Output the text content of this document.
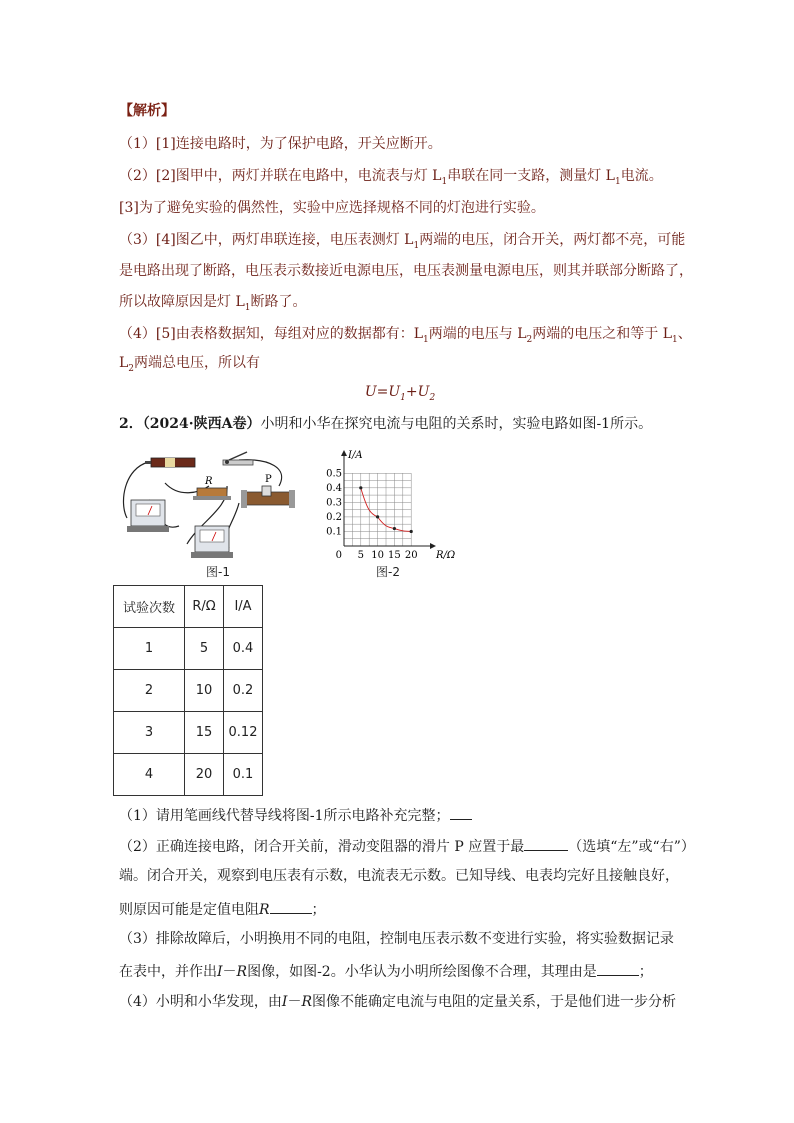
【解析】
（1）[1]连接电路时，为了保护电路，开关应断开。
（2）[2]图甲中，两灯并联在电路中，电流表与灯 $L_1$串联在同一支路，测量灯 $L_1$电流。
[3]为了避免实验的偶然性，实验中应选择规格不同的灯泡进行实验。
（3）[4]图乙中，两灯串联连接，电压表测灯 $L_1$两端的电压，闭合开关，两灯都不亮，可能
是电路出现了断路，电压表示数接近电源电压，电压表测量电源电压，则其并联部分断路了，
所以故障原因是灯 $L_1$断路了。
（4）[5]由表格数据知，每组对应的数据都有：$L_1$两端的电压与 $L_2$两端的电压之和等于 $L_1$、
$L_2$两端总电压，所以有
$U=U_1+U_2$
2．（2024·陕西A卷）小明和小华在探究电流与电阻的关系时，实验电路如图-1所示。
R	P
图-1
I/A
R/Ω
0.1
0.2
0.3
0.4
0.5
0 5 10 15 20
图-2
试验次数	R/Ω	I/A
1	5	0.4
2	10	0.2
3	15	0.12
4	20	0.1
（1）请用笔画线代替导线将图-1所示电路补充完整；
（2）正确连接电路，闭合开关前，滑动变阻器的滑片 P 应置于最	（选填“左”或“右”）
端。闭合开关，观察到电压表有示数，电流表无示数。已知导线、电表均完好且接触良好，
则原因可能是定值电阻R	；
（3）排除故障后，小明换用不同的电阻，控制电压表示数不变进行实验，将实验数据记录
在表中，并作出I－R图像，如图-2。小华认为小明所绘图像不合理，其理由是	；
（4）小明和小华发现，由I－R图像不能确定电流与电阻的定量关系，于是他们进一步分析
